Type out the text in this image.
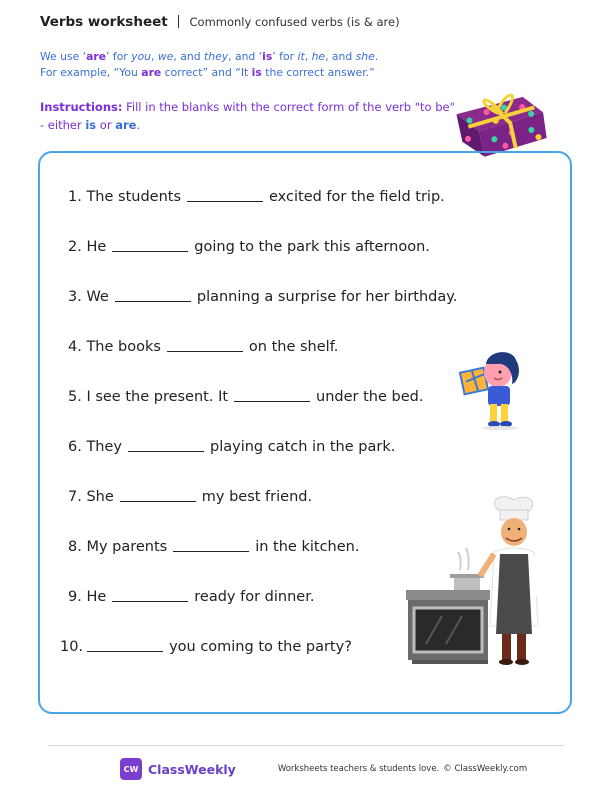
Verbs worksheet Commonly confused verbs (is & are)
We use ‘are’ for you, we, and they, and ‘is’ for it, he, and she.
For example, “You are correct” and “It is the correct answer.”
Instructions: Fill in the blanks with the correct form of the verb "to be" - either is or are.
1. The students	excited for the field trip.
2. He	going to the park this afternoon.
3. We	planning a surprise for her birthday.
4. The books	on the shelf.
5. I see the present. It	under the bed.
6. They	playing catch in the park.
7. She	my best friend.
8. My parents	in the kitchen.
9. He	ready for dinner.
10.	you coming to the party?
CW ClassWeekly	Worksheets teachers & students love. © ClassWeekly.com
